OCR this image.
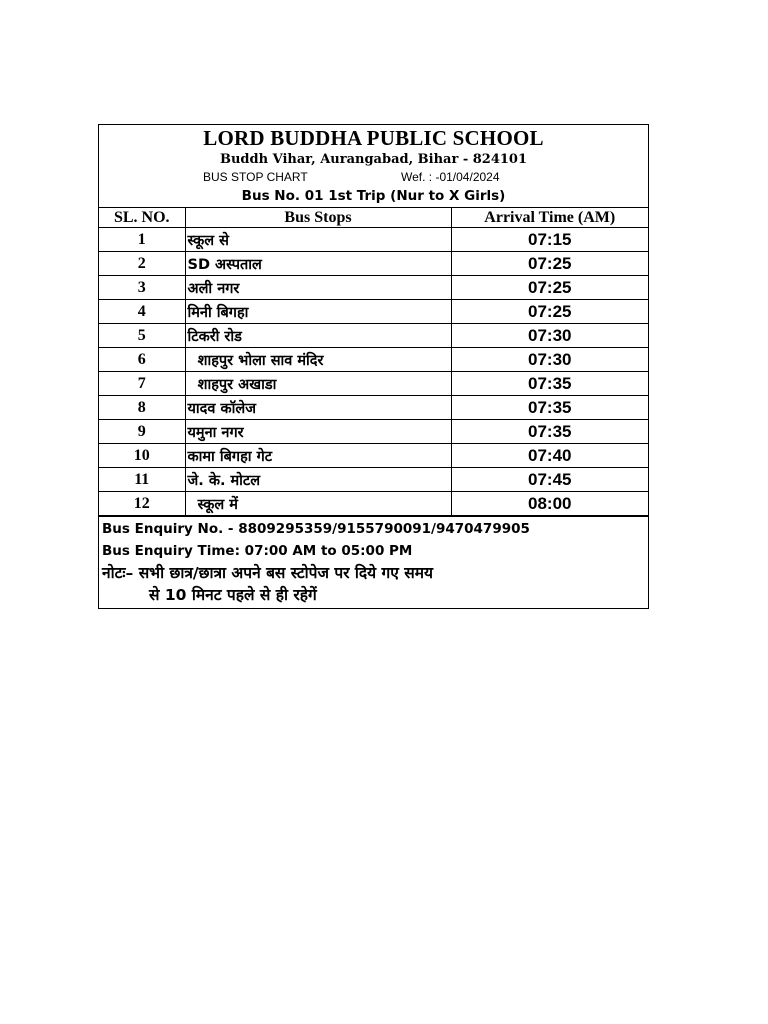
LORD BUDDHA PUBLIC SCHOOL
Buddh Vihar, Aurangabad, Bihar - 824101
BUS STOP CHART	Wef. : -01/04/2024
Bus No. 01 1st Trip (Nur to X Girls)
SL. NO.	Bus Stops	Arrival Time (AM)
1	स्कूल से	07:15
2	SD अस्पताल	07:25
3	अली नगर	07:25
4	मिनी बिगहा	07:25
5	टिकरी रोड	07:30
6	शाहपुर भोला साव मंदिर	07:30
7	शाहपुर अखाडा	07:35
8	यादव कॉलेज	07:35
9	यमुना नगर	07:35
10	कामा बिगहा गेट	07:40
11	जे. के. मोटल	07:45
12	स्कूल में	08:00
Bus Enquiry No. - 8809295359/9155790091/9470479905
Bus Enquiry Time: 07:00 AM to 05:00 PM
नोटः– सभी छात्र/छात्रा अपने बस स्टोपेज पर दिये गए समय
से 10 मिनट पहले से ही रहेगें
